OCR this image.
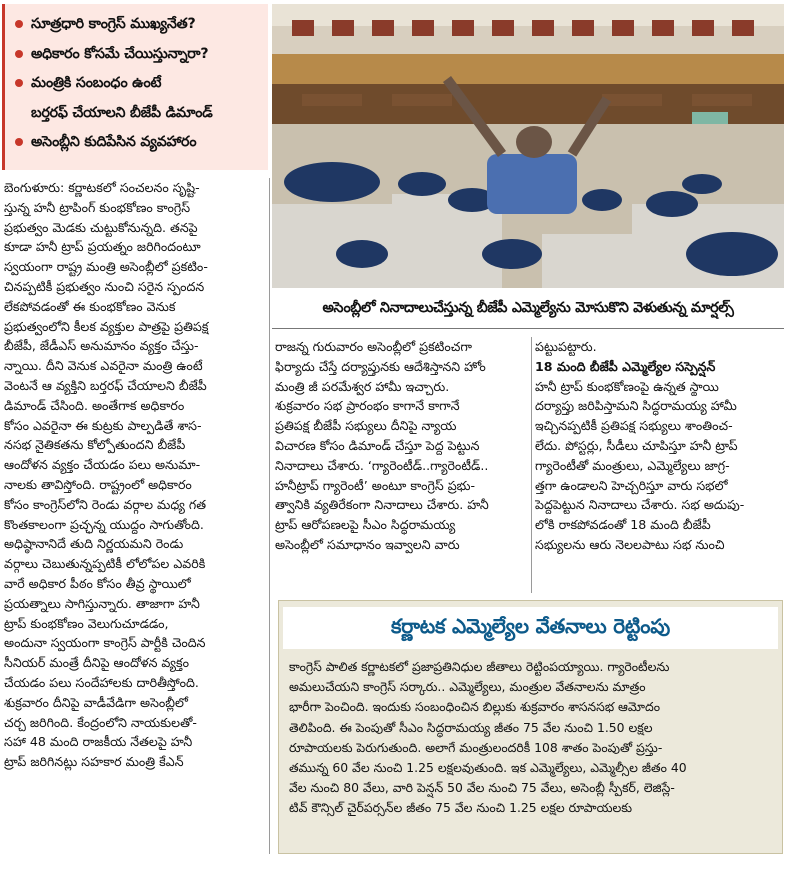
సూత్రధారి కాంగ్రెస్ ముఖ్యనేత?
అధికారం కోసమే చేయిస్తున్నారా?
మంత్రికి సంబంధం ఉంటే
బర్తరఫ్ చేయాలని బీజేపీ డిమాండ్
అసెంబ్లీని కుదిపేసిన వ్యవహారం
అసెంబ్లీలో నినాదాలుచేస్తున్న బీజేపీ ఎమ్మెల్యేను మోసుకొని వెళుతున్న మార్షల్స్
బెంగుళూరు: కర్ణాటకలో సంచలనం సృష్టి-
స్తున్న హనీ ట్రాపింగ్ కుంభకోణం కాంగ్రెస్
ప్రభుత్వం మెడకు చుట్టుకోనున్నది. తనపై
కూడా హనీ ట్రాప్ ప్రయత్నం జరిగిందంటూ
స్వయంగా రాష్ట్ర మంత్రి అసెంబ్లీలో ప్రకటిం-
చినప్పటికీ ప్రభుత్వం నుంచి సరైన స్పందన
లేకపోవడంతో ఈ కుంభకోణం వెనుక
ప్రభుత్వంలోని కీలక వ్యక్తుల పాత్రపై ప్రతిపక్ష
బీజేపీ, జేడీఎస్ అనుమానం వ్యక్తం చేస్తు-
న్నాయి. దీని వెనుక ఎవరైనా మంత్రి ఉంటే
వెంటనే ఆ వ్యక్తిని బర్తరఫ్ చేయాలని బీజేపీ
డిమాండ్ చేసింది. అంతేగాక అధికారం
కోసం ఎవరైనా ఈ కుట్రకు పాల్పడితే శాస-
నసభ నైతికతను కోల్పోతుందని బీజేపీ
ఆందోళన వ్యక్తం చేయడం పలు అనుమా-
నాలకు తావిస్తోంది. రాష్ట్రంలో అధికారం
కోసం కాంగ్రెస్‌లోని రెండు వర్గాల మధ్య గత
కొంతకాలంగా ప్రచ్ఛన్న యుద్ధం సాగుతోంది.
అధిష్ఠానానిదే తుది నిర్ణయమని రెండు
వర్గాలు చెబుతున్నప్పటికీ లోలోపల ఎవరికి
వారే అధికార పీఠం కోసం తీవ్ర స్థాయిలో
ప్రయత్నాలు సాగిస్తున్నారు. తాజాగా హనీ
ట్రాప్ కుంభకోణం వెలుగుచూడడం,
అందునా స్వయంగా కాంగ్రెస్ పార్టీకి చెందిన
సీనియర్ మంత్రే దీనిపై ఆందోళన వ్యక్తం
చేయడం పలు సందేహాలకు దారితీస్తోంది.
శుక్రవారం దీనిపై వాడీవేడిగా అసెంబ్లీలో
చర్చ జరిగింది. కేంద్రంలోని నాయకులతో-
సహా 48 మంది రాజకీయ నేతలపై హనీ
ట్రాప్ జరిగినట్లు సహకార మంత్రి కేఎన్
రాజన్న గురువారం అసెంబ్లీలో ప్రకటించగా
ఫిర్యాదు చేస్తే దర్యాప్తునకు ఆదేశిస్తానని హోం
మంత్రి జీ పరమేశ్వర హామీ ఇచ్చారు.
శుక్రవారం సభ ప్రారంభం కాగానే కాగానే
ప్రతిపక్ష బీజేపీ సభ్యులు దీనిపై న్యాయ
విచారణ కోసం డిమాండ్ చేస్తూ పెద్ద పెట్టున
నినాదాలు చేశారు. ‘గ్యారెంటీడ్..గ్యారెంటీడ్..
హనీట్రాప్ గ్యారెంటీ’ అంటూ కాంగ్రెస్ ప్రభు-
త్వానికి వ్యతిరేకంగా నినాదాలు చేశారు. హనీ
ట్రాప్ ఆరోపణలపై సీఎం సిద్ధరామయ్య
అసెంబ్లీలో సమాధానం ఇవ్వాలని వారు
పట్టుపట్టారు.
18 మంది బీజేపీ ఎమ్మెల్యేల సస్పెన్షన్
హనీ ట్రాప్ కుంభకోణంపై ఉన్నత స్థాయి
దర్యాప్తు జరిపిస్తామని సిద్ధరామయ్య హామీ
ఇచ్చినప్పటికీ ప్రతిపక్ష సభ్యులు శాంతించ-
లేదు. పోస్టర్లు, సీడీలు చూపిస్తూ హనీ ట్రాప్
గ్యారెంటీతో మంత్రులు, ఎమ్మెల్యేలు జాగ్ర-
త్తగా ఉండాలని హెచ్చరిస్తూ వారు సభలో
పెద్దపెట్టున నినాదాలు చేశారు. సభ అదుపు-
లోకి రాకపోవడంతో 18 మంది బీజేపీ
సభ్యులను ఆరు నెలలపాటు సభ నుంచి
కర్ణాటక ఎమ్మెల్యేల వేతనాలు రెట్టింపు
కాంగ్రెస్ పాలిత కర్ణాటకలో ప్రజాప్రతినిధుల జీతాలు రెట్టింపయ్యాయి. గ్యారెంటీలను
అమలుచేయని కాంగ్రెస్ సర్కారు.. ఎమ్మెల్యేలు, మంత్రుల వేతనాలను మాత్రం
భారీగా పెంచింది. ఇందుకు సంబంధించిన బిల్లుకు శుక్రవారం శాసనసభ ఆమోదం
తెలిపింది. ఈ పెంపుతో సీఎం సిద్ధరామయ్య జీతం 75 వేల నుంచి 1.50 లక్షల
రూపాయలకు పెరుగుతుంది. అలాగే మంత్రులందరికీ 108 శాతం పెంపుతో ప్రస్తు-
తమున్న 60 వేల నుంచి 1.25 లక్షలవుతుంది. ఇక ఎమ్మెల్యేలు, ఎమ్మెల్సీల జీతం 40
వేల నుంచి 80 వేలు, వారి పెన్షన్ 50 వేల నుంచి 75 వేలు, అసెంబ్లీ స్పీకర్, లెజిస్లే-
టివ్ కౌన్సిల్ చైర్‌పర్సన్‌ల జీతం 75 వేల నుంచి 1.25 లక్షల రూపాయలకు
